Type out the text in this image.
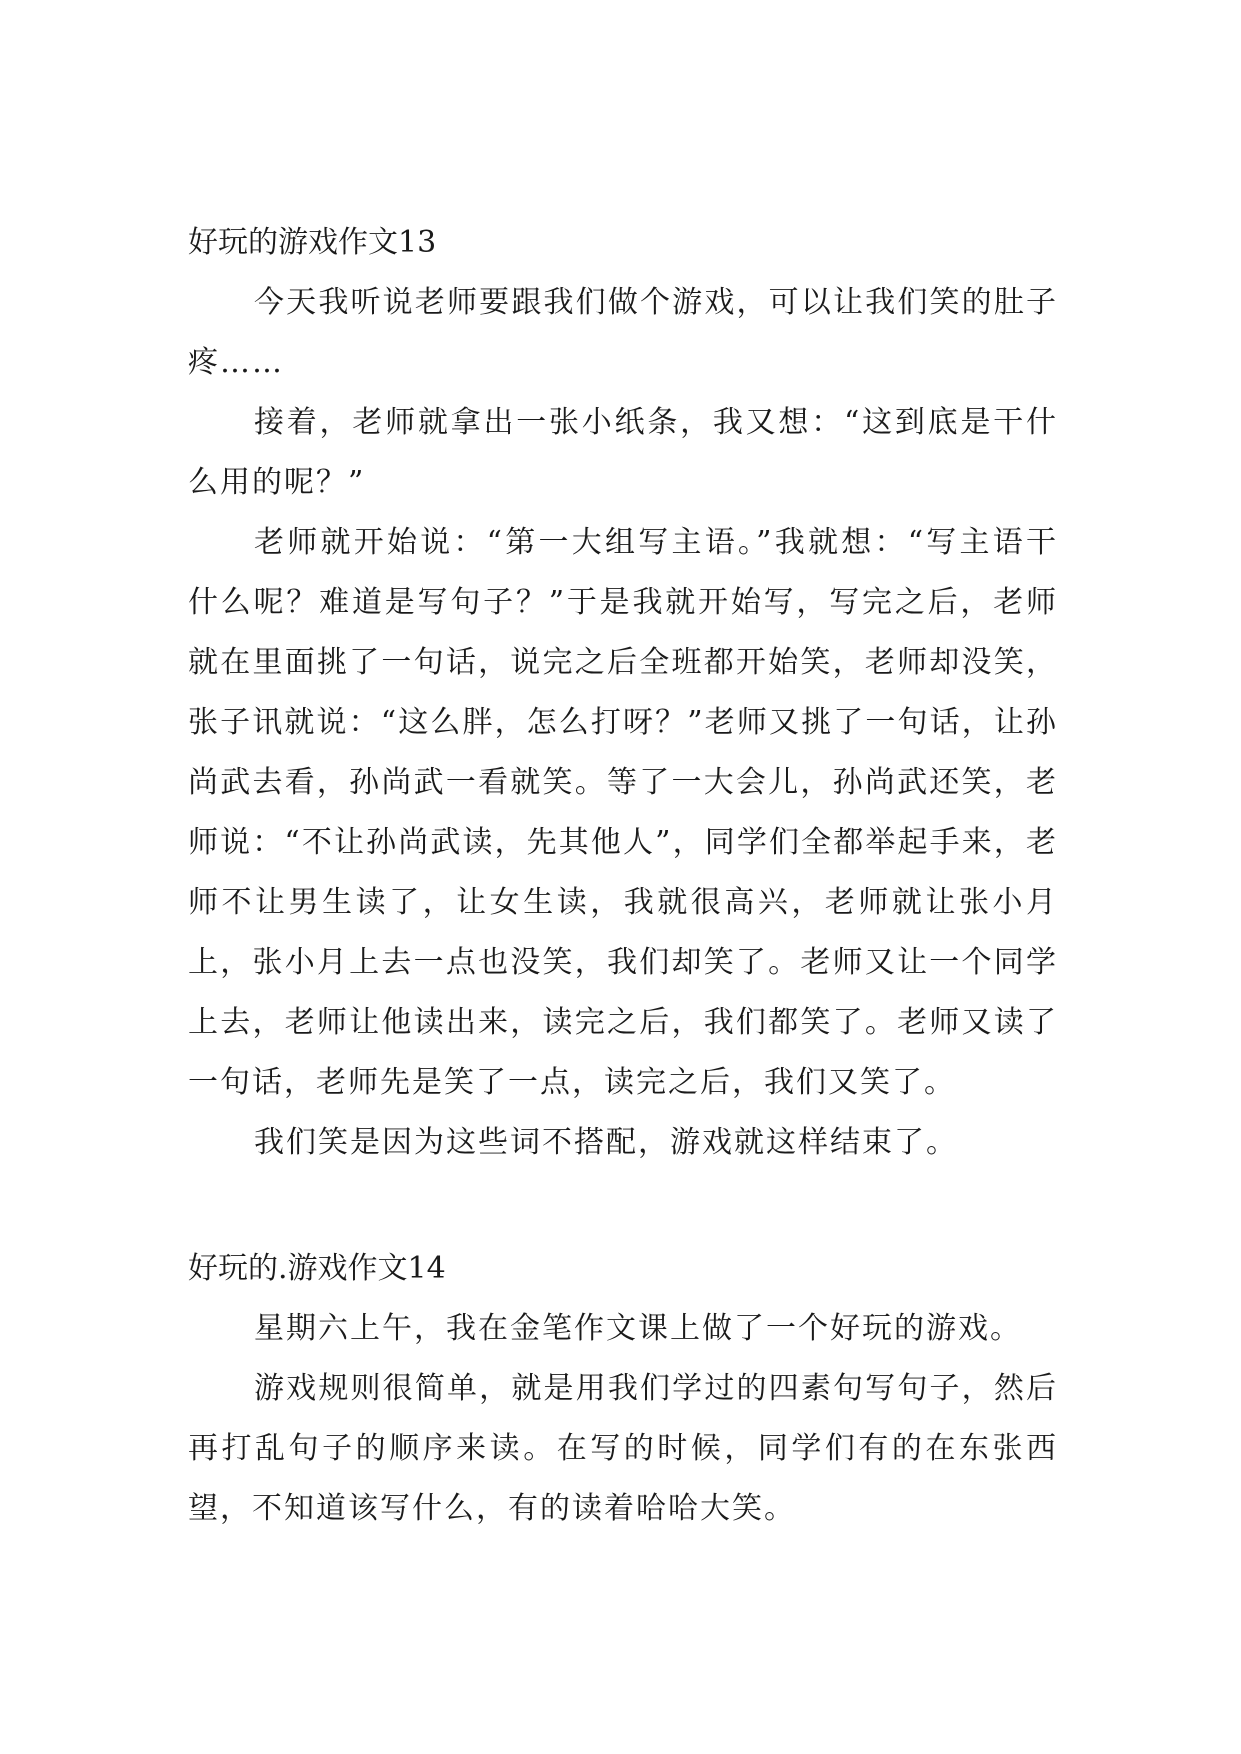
好玩的游戏作文13

今天我听说老师要跟我们做个游戏，可以让我们笑的肚子疼……

接着，老师就拿出一张小纸条，我又想：“这到底是干什么用的呢？”

老师就开始说：“第一大组写主语。”我就想：“写主语干什么呢？难道是写句子？”于是我就开始写，写完之后，老师就在里面挑了一句话，说完之后全班都开始笑，老师却没笑，张子讯就说：“这么胖，怎么打呀？”老师又挑了一句话，让孙尚武去看，孙尚武一看就笑。等了一大会儿，孙尚武还笑，老师说：“不让孙尚武读，先其他人”，同学们全都举起手来，老师不让男生读了，让女生读，我就很高兴，老师就让张小月上，张小月上去一点也没笑，我们却笑了。老师又让一个同学上去，老师让他读出来，读完之后，我们都笑了。老师又读了一句话，老师先是笑了一点，读完之后，我们又笑了。

我们笑是因为这些词不搭配，游戏就这样结束了。

好玩的.游戏作文14

星期六上午，我在金笔作文课上做了一个好玩的游戏。

游戏规则很简单，就是用我们学过的四素句写句子，然后再打乱句子的顺序来读。在写的时候，同学们有的在东张西望，不知道该写什么，有的读着哈哈大笑。
